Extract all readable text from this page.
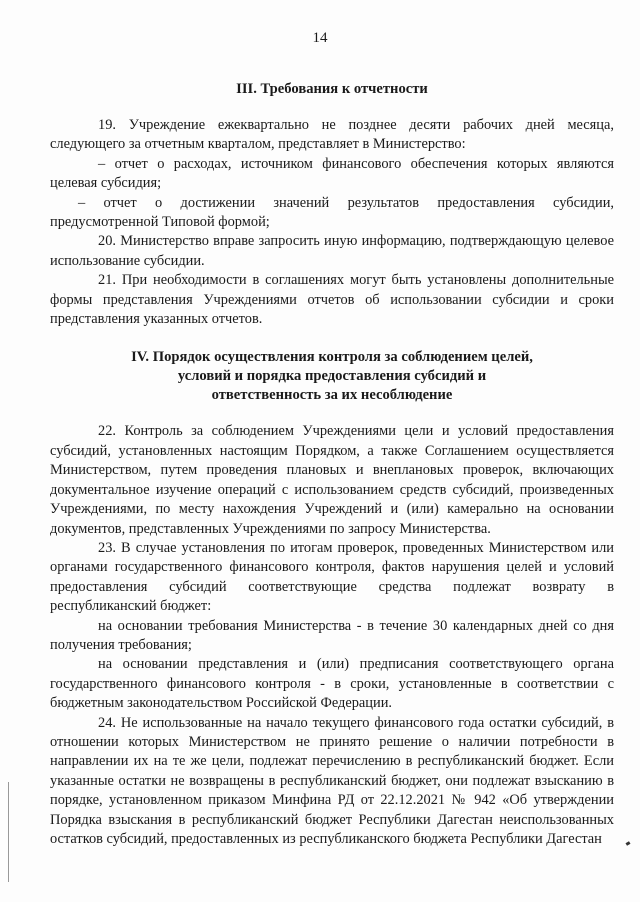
14
III. Требования к отчетности

19. Учреждение ежеквартально не позднее десяти рабочих дней месяца, следующего за отчетным кварталом, представляет в Министерство:

– отчет о расходах, источником финансового обеспечения которых являются целевая субсидия;

– отчет о достижении значений результатов предоставления субсидии, предусмотренной Типовой формой;

20. Министерство вправе запросить иную информацию, подтверждающую целевое использование субсидии.

21. При необходимости в соглашениях могут быть установлены дополнительные формы представления Учреждениями отчетов об использовании субсидии и сроки представления указанных отчетов.

IV. Порядок осуществления контроля за соблюдением целей,
условий и порядка предоставления субсидий и
ответственность за их несоблюдение

22. Контроль за соблюдением Учреждениями цели и условий предоставления субсидий, установленных настоящим Порядком, а также Соглашением осуществляется Министерством, путем проведения плановых и внеплановых проверок, включающих документальное изучение операций с использованием средств субсидий, произведенных Учреждениями, по месту нахождения Учреждений и (или) камерально на основании документов, представленных Учреждениями по запросу Министерства.

23. В случае установления по итогам проверок, проведенных Министерством или органами государственного финансового контроля, фактов нарушения целей и условий предоставления субсидий соответствующие средства подлежат возврату в республиканский бюджет:

на основании требования Министерства - в течение 30 календарных дней со дня получения требования;

на основании представления и (или) предписания соответствующего органа государственного финансового контроля - в сроки, установленные в соответствии с бюджетным законодательством Российской Федерации.

24. Не использованные на начало текущего финансового года остатки субсидий, в отношении которых Министерством не принято решение о наличии потребности в направлении их на те же цели, подлежат перечислению в республиканский бюджет. Если указанные остатки не возвращены в республиканский бюджет, они подлежат взысканию в порядке, установленном приказом Минфина РД от 22.12.2021 № 942 «Об утверждении Порядка взыскания в республиканский бюджет Республики Дагестан неиспользованных остатков субсидий, предоставленных из республиканского бюджета Республики Дагестан
